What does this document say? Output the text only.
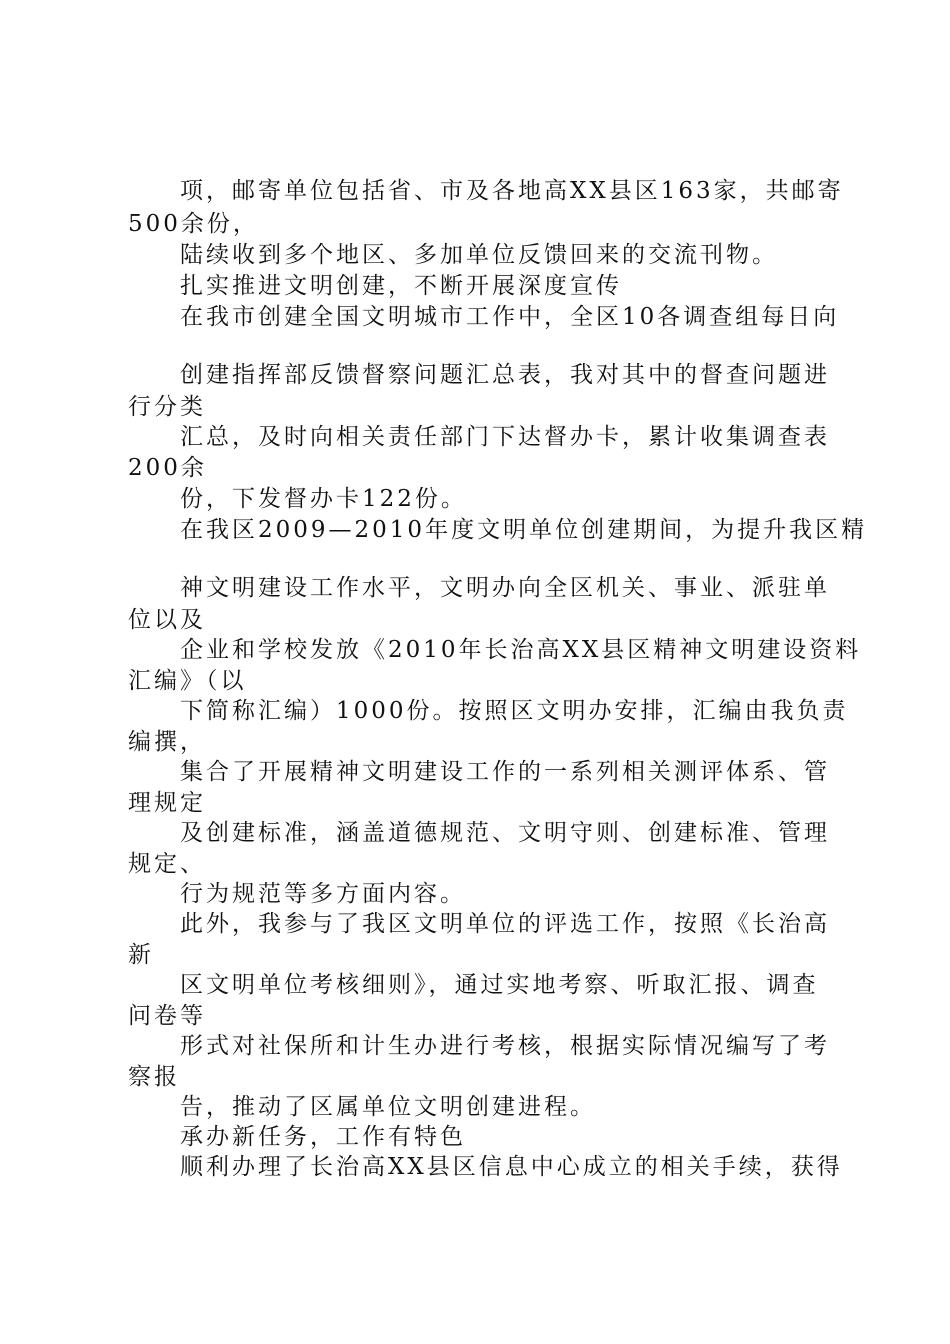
项，邮寄单位包括省、市及各地高XX县区163家，共邮寄
500余份，
陆续收到多个地区、多加单位反馈回来的交流刊物。
扎实推进文明创建，不断开展深度宣传
在我市创建全国文明城市工作中，全区10各调查组每日向
创建指挥部反馈督察问题汇总表，我对其中的督查问题进
行分类
汇总，及时向相关责任部门下达督办卡，累计收集调查表
200余
份，下发督办卡122份。
在我区2009—2010年度文明单位创建期间，为提升我区精
神文明建设工作水平，文明办向全区机关、事业、派驻单
位以及
企业和学校发放《2010年长治高XX县区精神文明建设资料
汇编》（以
下简称汇编）1000份。按照区文明办安排，汇编由我负责
编撰，
集合了开展精神文明建设工作的一系列相关测评体系、管
理规定
及创建标准，涵盖道德规范、文明守则、创建标准、管理
规定、
行为规范等多方面内容。
此外，我参与了我区文明单位的评选工作，按照《长治高
新
区文明单位考核细则》，通过实地考察、听取汇报、调查
问卷等
形式对社保所和计生办进行考核，根据实际情况编写了考
察报
告，推动了区属单位文明创建进程。
承办新任务，工作有特色
顺利办理了长治高XX县区信息中心成立的相关手续，获得
